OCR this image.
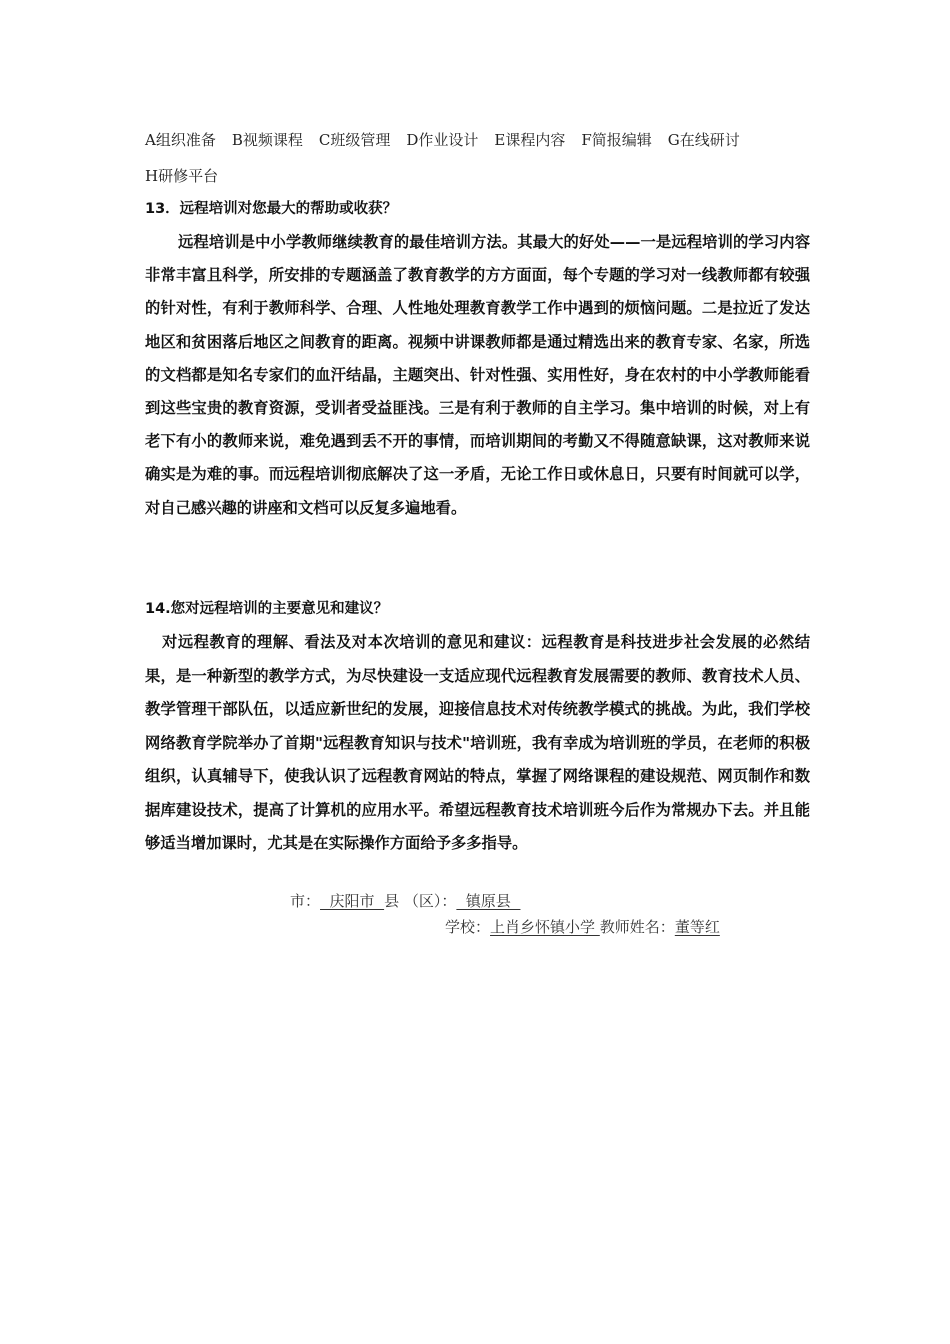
A组织准备 B视频课程 C班级管理 D作业设计 E课程内容 F简报编辑 G在线研讨
H研修平台
13．远程培训对您最大的帮助或收获？

远程培训是中小学教师继续教育的最佳培训方法。其最大的好处——一是远程培训的学习内容非常丰富且科学，所安排的专题涵盖了教育教学的方方面面，每个专题的学习对一线教师都有较强的针对性，有利于教师科学、合理、人性地处理教育教学工作中遇到的烦恼问题。二是拉近了发达地区和贫困落后地区之间教育的距离。视频中讲课教师都是通过精选出来的教育专家、名家，所选的文档都是知名专家们的血汗结晶，主题突出、针对性强、实用性好，身在农村的中小学教师能看到这些宝贵的教育资源，受训者受益匪浅。三是有利于教师的自主学习。集中培训的时候，对上有老下有小的教师来说，难免遇到丢不开的事情，而培训期间的考勤又不得随意缺课，这对教师来说确实是为难的事。而远程培训彻底解决了这一矛盾，无论工作日或休息日，只要有时间就可以学，对自己感兴趣的讲座和文档可以反复多遍地看。

14.您对远程培训的主要意见和建议？

对远程教育的理解、看法及对本次培训的意见和建议：远程教育是科技进步社会发展的必然结果，是一种新型的教学方式，为尽快建设一支适应现代远程教育发展需要的教师、教育技术人员、教学管理干部队伍，以适应新世纪的发展，迎接信息技术对传统教学模式的挑战。为此，我们学校网络教育学院举办了首期"远程教育知识与技术"培训班，我有幸成为培训班的学员，在老师的积极组织，认真辅导下，使我认识了远程教育网站的特点，掌握了网络课程的建设规范、网页制作和数据库建设技术，提高了计算机的应用水平。希望远程教育技术培训班今后作为常规办下去。并且能够适当增加课时，尤其是在实际操作方面给予多多指导。

市：  庆阳市  县 （区）：  镇原县
学校：上肖乡怀镇小学 教师姓名：董等红
